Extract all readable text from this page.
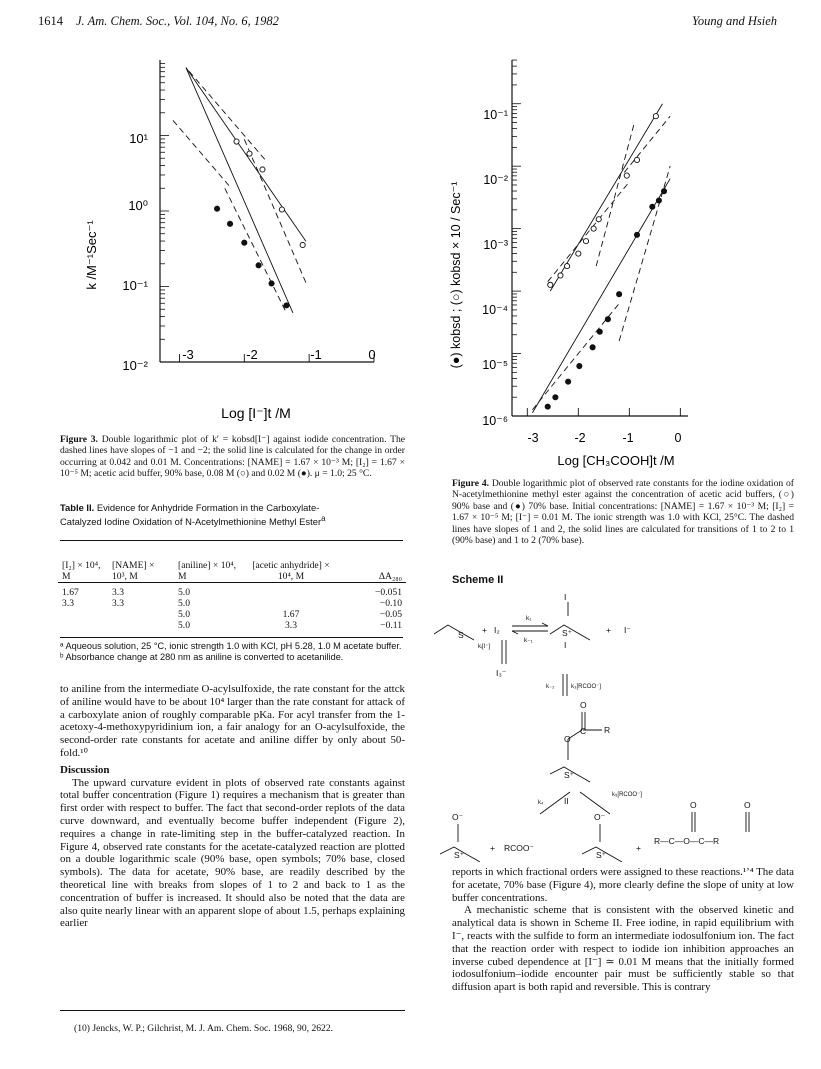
1614 J. Am. Chem. Soc., Vol. 104, No. 6, 1982	Young and Hsieh
k /M⁻¹Sec⁻¹
-3	-2	-1	0
10¹
10⁰
10⁻¹
10⁻²
Log [I⁻]t /M
Figure 3. Double logarithmic plot of k′ = kobsd[I⁻] against iodide concentration. The dashed lines have slopes of −1 and −2; the solid line is calculated for the change in order occurring at 0.042 and 0.01 M. Concentrations: [NAME] = 1.67 × 10⁻³ M; [I₂] = 1.67 × 10⁻⁵ M; acetic acid buffer, 90% base, 0.08 M (○) and 0.02 M (●). μ = 1.0; 25 °C.
Table II. Evidence for Anhydride Formation in the Carboxylate-Catalyzed Iodine Oxidation of N-Acetylmethionine Methyl Ester$^a$
[I₂] × 10⁴, M	[NAME] × 10³, M	[aniline] × 10⁴, M	[acetic anhydride] × 10⁴, M	ΔA₂₈₀

1.67	3.3	5.0		−0.051
3.3	3.3	5.0		−0.10
		5.0	1.67	−0.05
		5.0	3.3	−0.11
ᵃ Aqueous solution, 25 °C, ionic strength 1.0 with KCl, pH 5.28, 1.0 M acetate buffer. ᵇ Absorbance change at 280 nm as aniline is converted to acetanilide.

to aniline from the intermediate O-acylsulfoxide, the rate constant for the attck of aniline would have to be about 10⁴ larger than the rate constant for attack of a carboxylate anion of roughly comparable pKa. For acyl transfer from the 1-acetoxy-4-methoxypyridinium ion, a fair analogy for an O-acylsulfoxide, the second-order rate constants for acetate and aniline differ by only about 50-fold.¹⁰

Discussion

The upward curvature evident in plots of observed rate constants against total buffer concentration (Figure 1) requires a mechanism that is greater than first order with respect to buffer. The fact that second-order replots of the data curve downward, and eventually become buffer independent (Figure 2), requires a change in rate-limiting step in the buffer-catalyzed reaction. In Figure 4, observed rate constants for the acetate-catalyzed reaction are plotted on a double logarithmic scale (90% base, open symbols; 70% base, closed symbols). The data for acetate, 90% base, are readily described by the theoretical line with breaks from slopes of 1 to 2 and back to 1 as the concentration of buffer is increased. It should also be noted that the data are also quite nearly linear with an apparent slope of about 1.5, perhaps explaining earlier

(10) Jencks, W. P.; Gilchrist, M. J. Am. Chem. Soc. 1968, 90, 2622.
(●) kobsd ; (○) kobsd × 10 / Sec⁻¹
10⁻¹
10⁻²
10⁻³
10⁻⁴
10⁻⁵
10⁻⁶
-3	-2	-1	0
Log [CH₃COOH]t /M
Figure 4. Double logarithmic plot of observed rate constants for the iodine oxidation of N-acetylmethionine methyl ester against the concentration of acetic acid buffers, (○) 90% base and (●) 70% base. Initial concentrations: [NAME] = 1.67 × 10⁻³ M; [I₂] = 1.67 × 10⁻⁵ M; [I⁻] = 0.01 M. The ionic strength was 1.0 with KCl, 25°C. The dashed lines have slopes of 1 and 2, the solid lines are calculated for transitions of 1 to 2 to 1 (90% base) and 1 to 2 (70% base).
Scheme II
+ I₂
k₁
k₋₁
I
S⁺
S	+ I⁻
I
kᵢ[I⁻]
I₃⁻
k₋₂	k₃[RCOO⁻]
O
C R
O
S⁺
II
k₄
k₅[RCOO⁻]
O⁻
S⁺
+ RCOO⁻
O⁻
S⁺
+
O	O
R—C—O—C—R

reports in which fractional orders were assigned to these reactions.¹ʼ⁴ The data for acetate, 70% base (Figure 4), more clearly define the slope of unity at low buffer concentrations.

A mechanistic scheme that is consistent with the observed kinetic and analytical data is shown in Scheme II. Free iodine, in rapid equilibrium with I⁻, reacts with the sulfide to form an intermediate iodosulfonium ion. The fact that the reaction order with respect to iodide ion inhibition approaches an inverse cubed dependence at [I⁻] ≃ 0.01 M means that the initially formed iodosulfonium–iodide encounter pair must be sufficiently stable so that diffusion apart is both rapid and reversible. This is contrary
